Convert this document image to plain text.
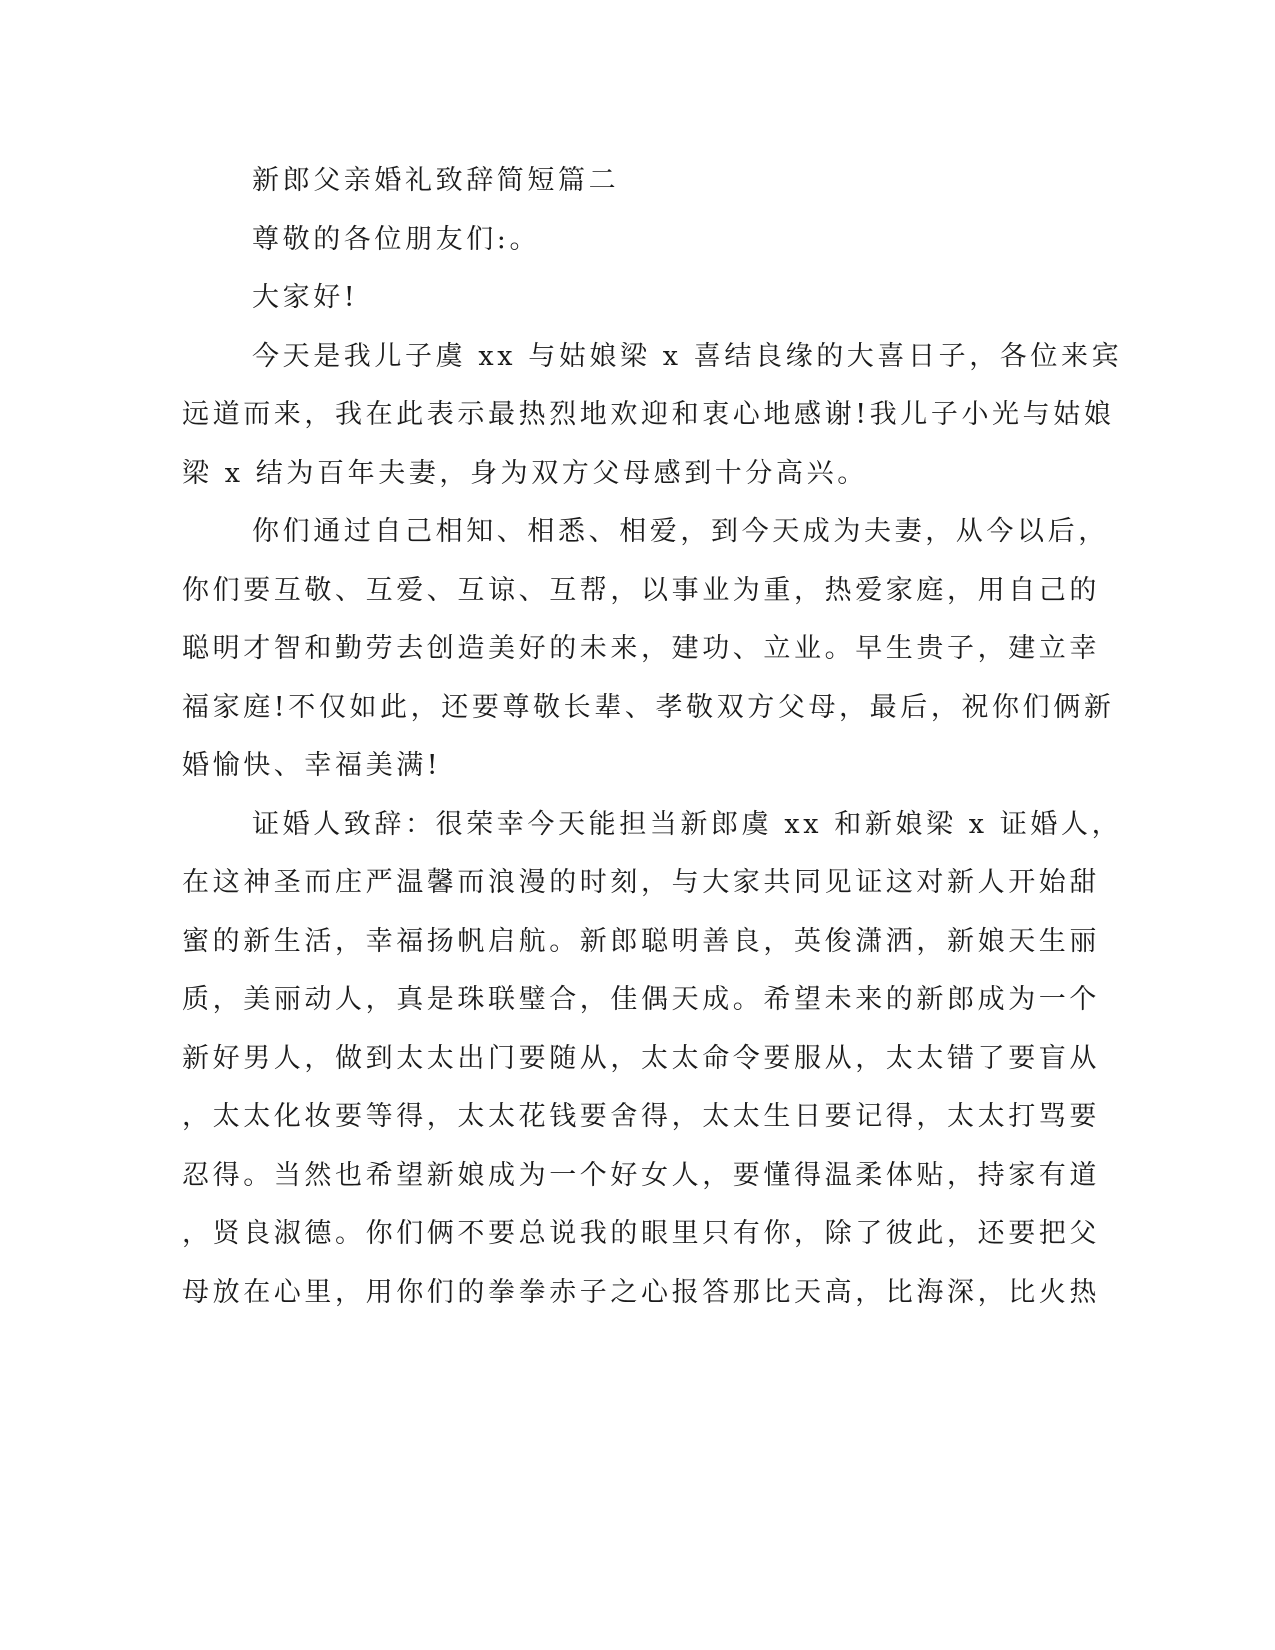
新郎父亲婚礼致辞简短篇二
尊敬的各位朋友们:。
大家好!
今天是我儿子虞 xx 与姑娘梁 x 喜结良缘的大喜日子，各位来宾
远道而来，我在此表示最热烈地欢迎和衷心地感谢!我儿子小光与姑娘
梁 x 结为百年夫妻，身为双方父母感到十分高兴。
你们通过自己相知、相悉、相爱，到今天成为夫妻，从今以后，
你们要互敬、互爱、互谅、互帮，以事业为重，热爱家庭，用自己的
聪明才智和勤劳去创造美好的未来，建功、立业。早生贵子，建立幸
福家庭!不仅如此，还要尊敬长辈、孝敬双方父母，最后，祝你们俩新
婚愉快、幸福美满!
证婚人致辞：很荣幸今天能担当新郎虞 xx 和新娘梁 x 证婚人，
在这神圣而庄严温馨而浪漫的时刻，与大家共同见证这对新人开始甜
蜜的新生活，幸福扬帆启航。新郎聪明善良，英俊潇洒，新娘天生丽
质，美丽动人，真是珠联璧合，佳偶天成。希望未来的新郎成为一个
新好男人，做到太太出门要随从，太太命令要服从，太太错了要盲从
，太太化妆要等得，太太花钱要舍得，太太生日要记得，太太打骂要
忍得。当然也希望新娘成为一个好女人，要懂得温柔体贴，持家有道
，贤良淑德。你们俩不要总说我的眼里只有你，除了彼此，还要把父
母放在心里，用你们的拳拳赤子之心报答那比天高，比海深，比火热
